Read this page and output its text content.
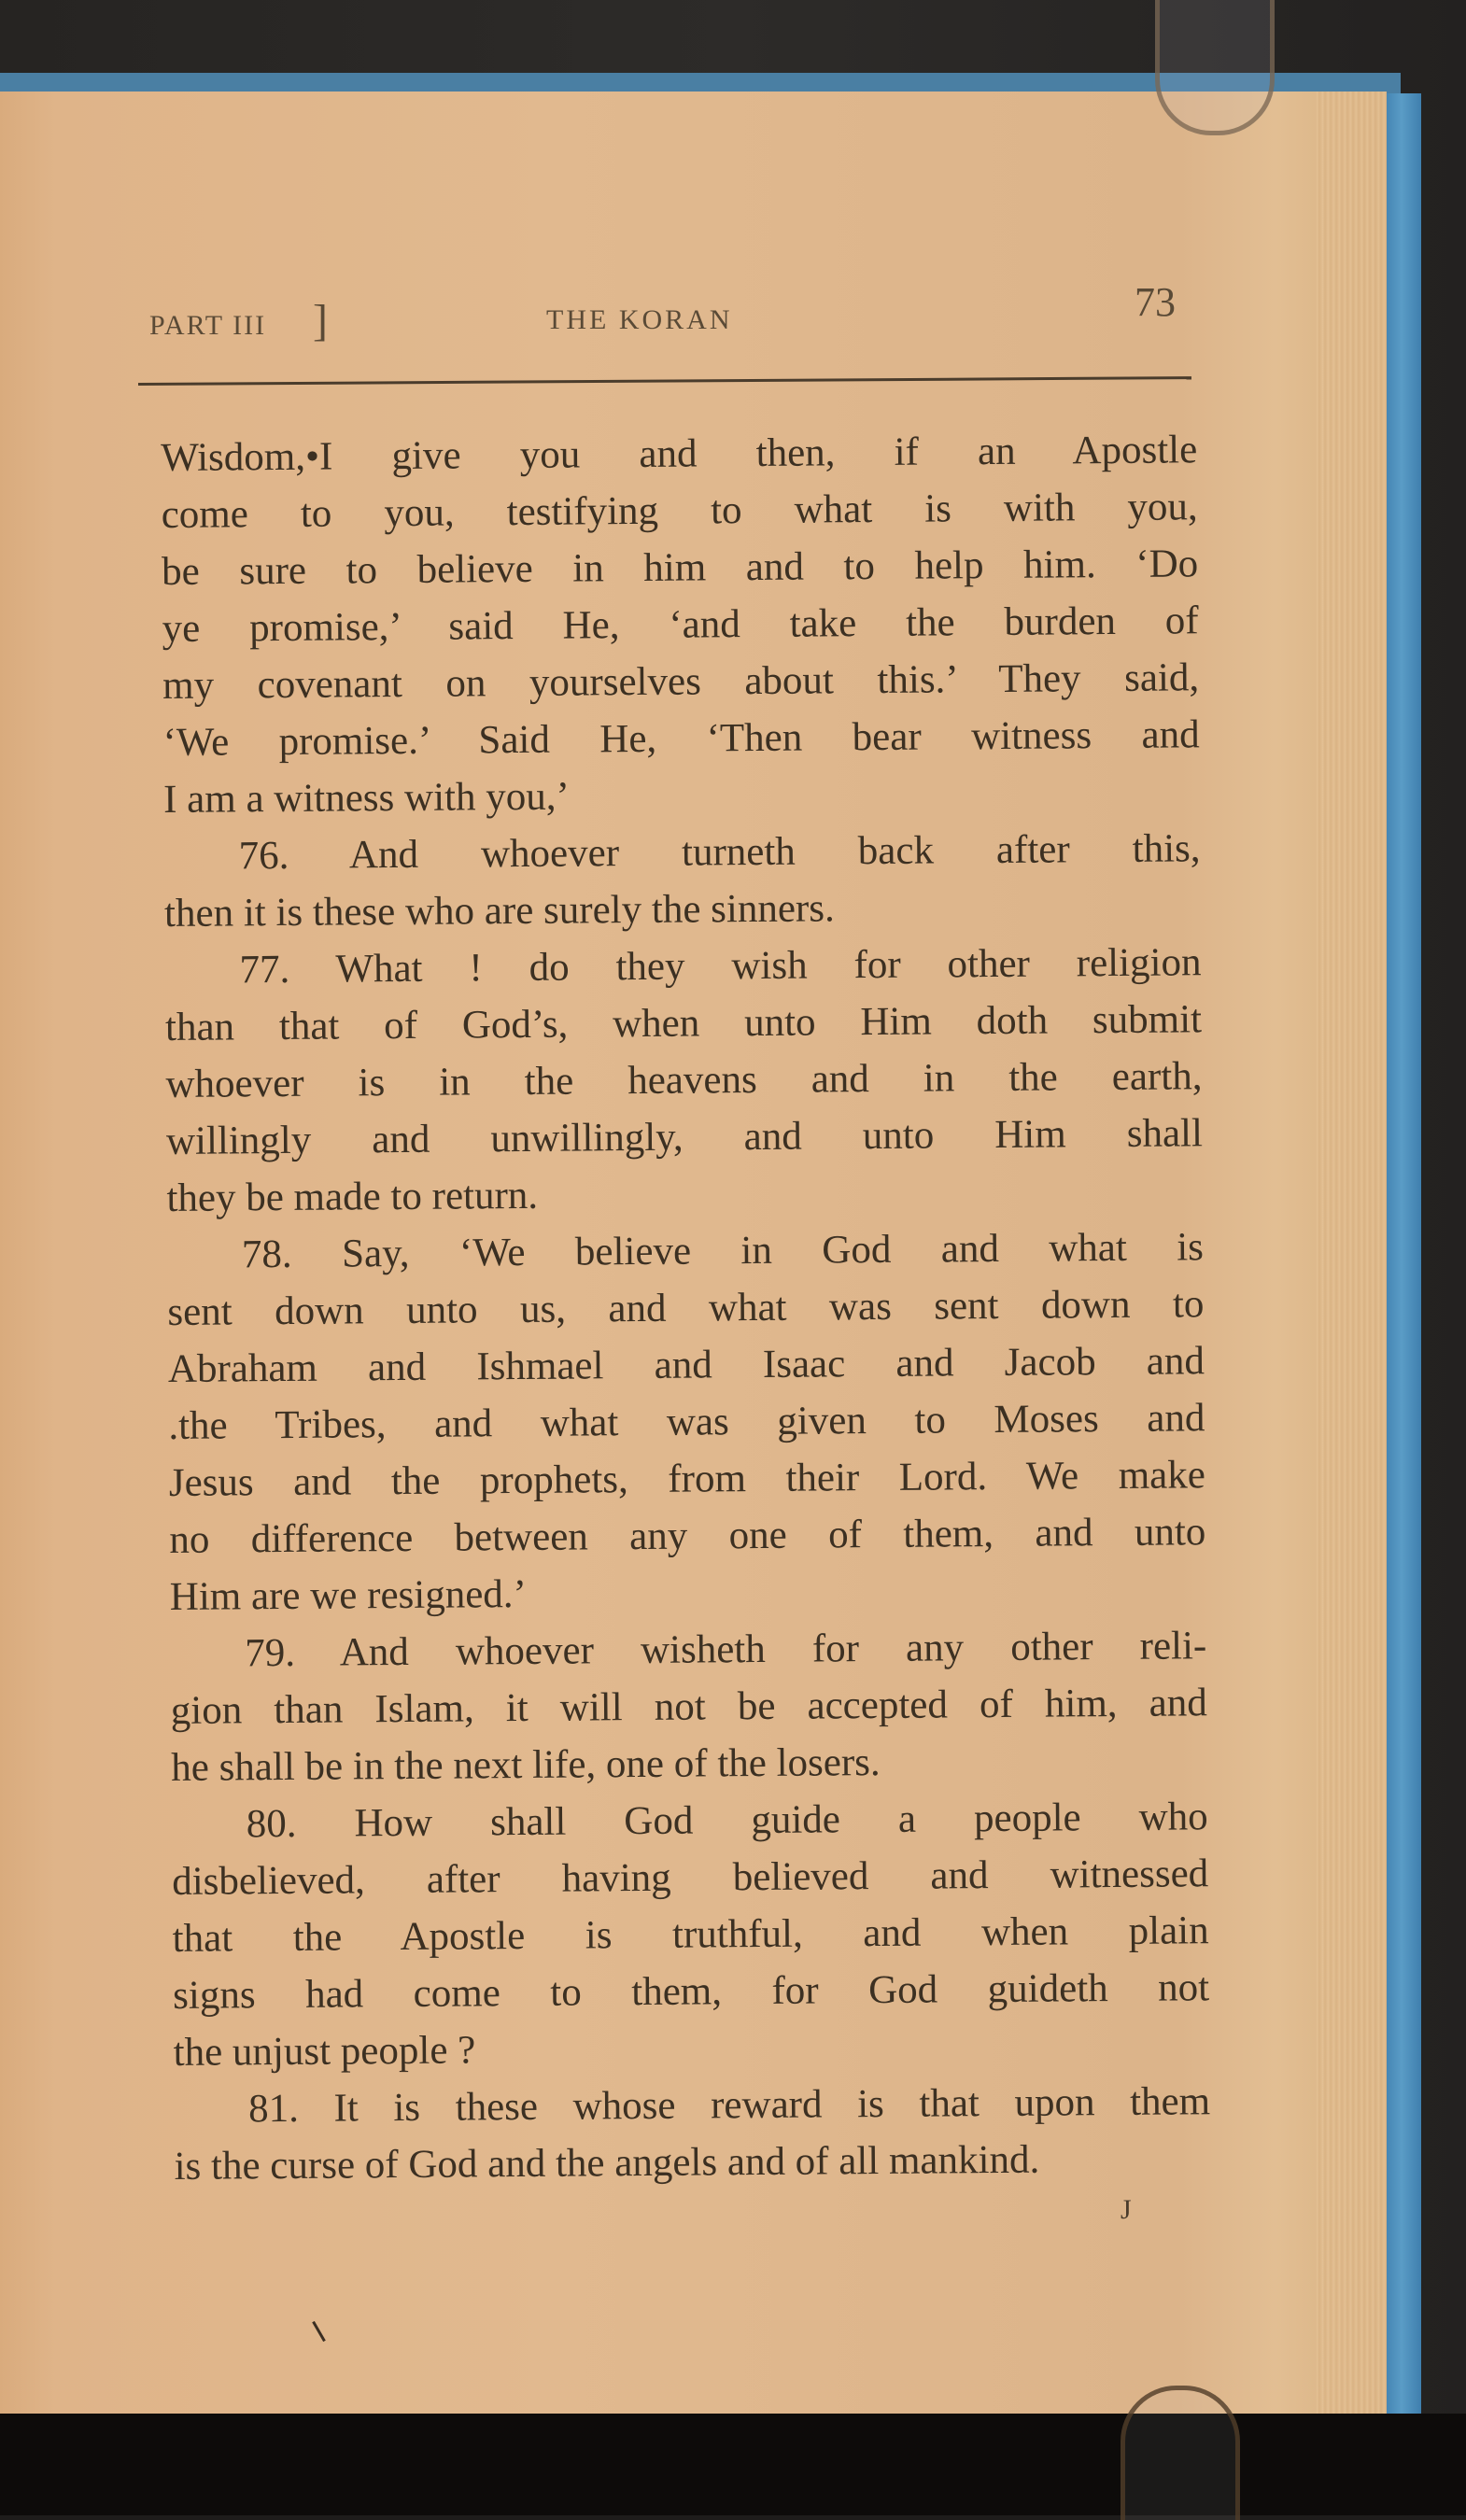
PART III ]	THE KORAN	73
Wisdom,•I give you and then, if an Apostle
come to you, testifying to what is with you,
be sure to believe in him and to help him. ‘Do
ye promise,’ said He, ‘and take the burden of
my covenant on yourselves about this.’ They said,
‘We promise.’ Said He, ‘Then bear witness and
I am a witness with you,’
76. And whoever turneth back after this,
then it is these who are surely the sinners.
77. What ! do they wish for other religion
than that of God’s, when unto Him doth submit
whoever is in the heavens and in the earth,
willingly and unwillingly, and unto Him shall
they be made to return.
78. Say, ‘We believe in God and what is
sent down unto us, and what was sent down to
Abraham and Ishmael and Isaac and Jacob and
.the Tribes, and what was given to Moses and
Jesus and the prophets, from their Lord. We make
no difference between any one of them, and unto
Him are we resigned.’
79. And whoever wisheth for any other reli-
gion than Islam, it will not be accepted of him, and
he shall be in the next life, one of the losers.
80. How shall God guide a people who
disbelieved, after having believed and witnessed
that the Apostle is truthful, and when plain
signs had come to them, for God guideth not
the unjust people ?
81. It is these whose reward is that upon them
is the curse of God and the angels and of all mankind.
J
